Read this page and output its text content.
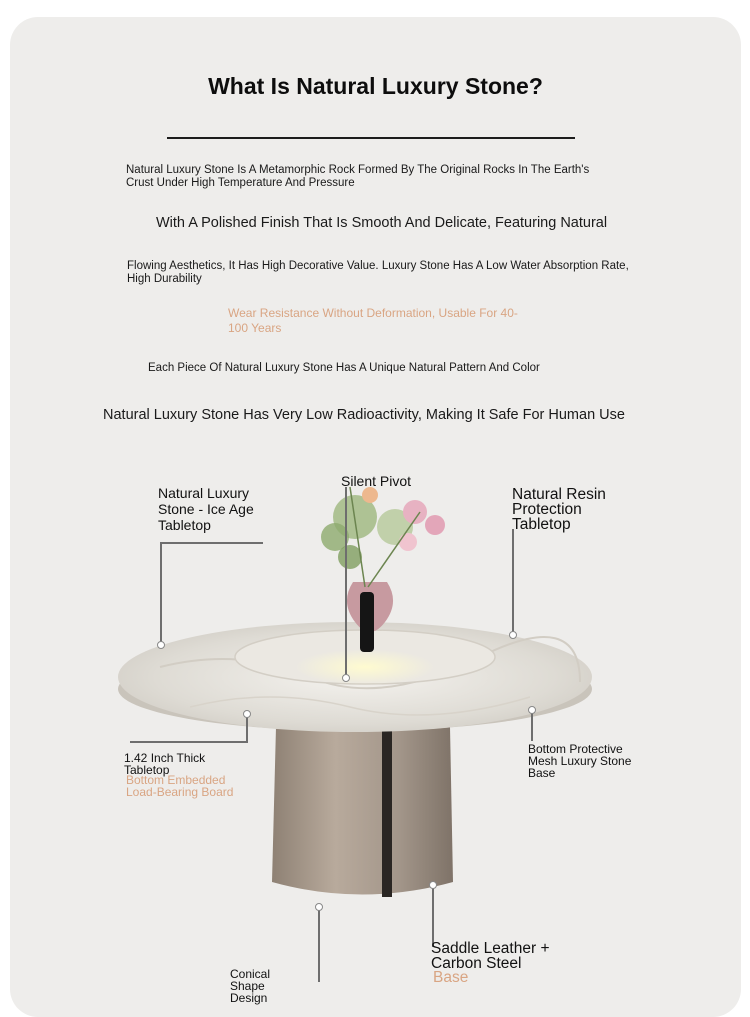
What Is Natural Luxury Stone?
Natural Luxury Stone Is A Metamorphic Rock Formed By The Original Rocks In The Earth's Crust Under High Temperature And Pressure
With A Polished Finish That Is Smooth And Delicate, Featuring Natural
Flowing Aesthetics, It Has High Decorative Value. Luxury Stone Has A Low Water Absorption Rate, High Durability
Wear Resistance Without Deformation, Usable For 40-100 Years
Each Piece Of Natural Luxury Stone Has A Unique Natural Pattern And Color
Natural Luxury Stone Has Very Low Radioactivity, Making It Safe For Human Use
Natural Luxury Stone - Ice Age Tabletop
Silent Pivot
Natural Resin Protection Tabletop
1.42 Inch Thick Tabletop
Bottom Embedded Load-Bearing Board
Bottom Protective Mesh Luxury Stone Base
Conical Shape Design
Saddle Leather + Carbon Steel
Base
